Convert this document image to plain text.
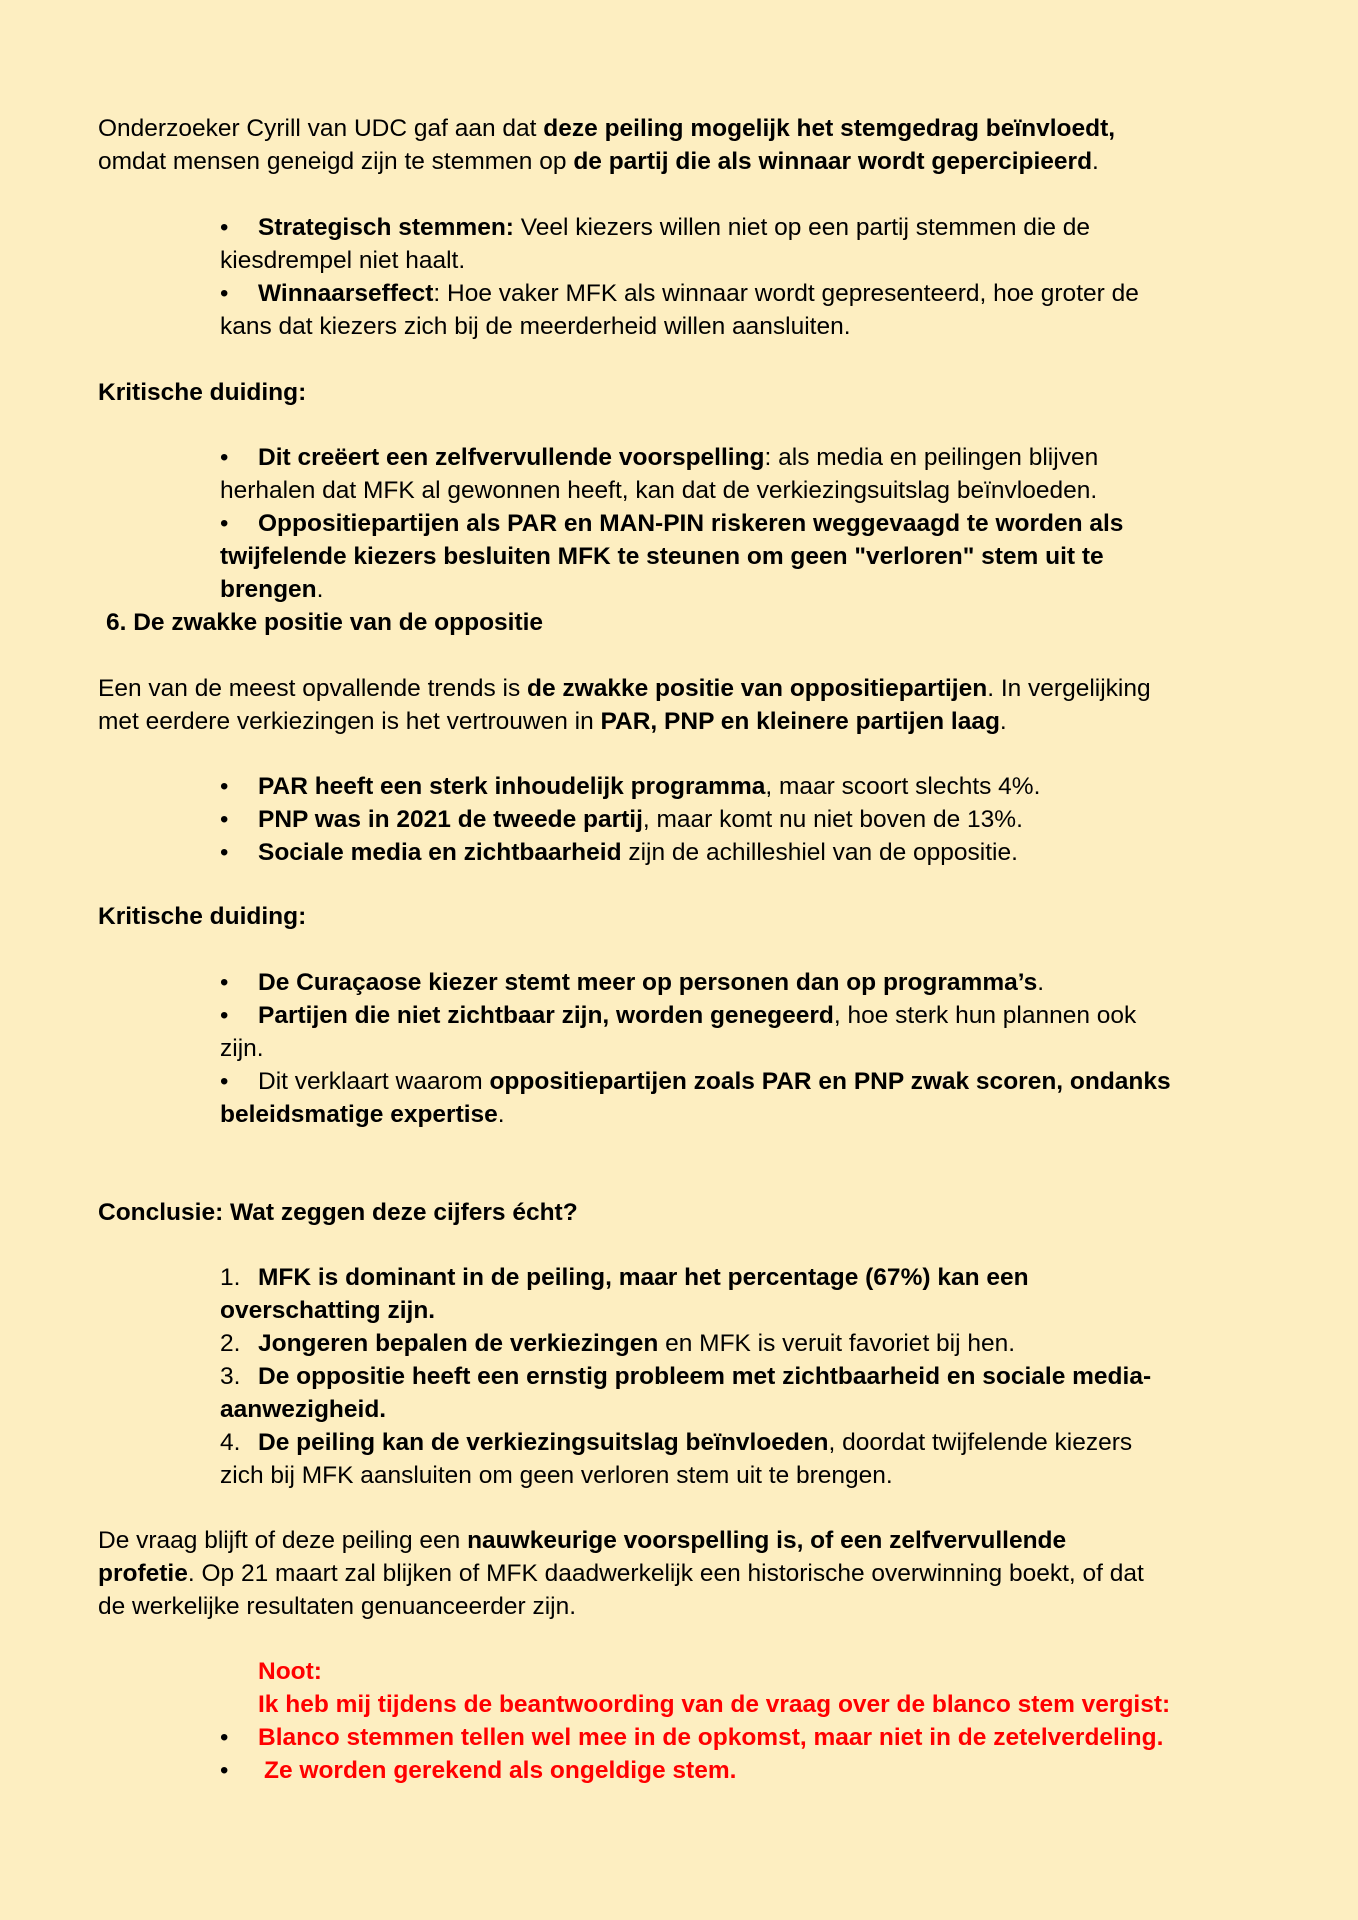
Onderzoeker Cyrill van UDC gaf aan dat deze peiling mogelijk het stemgedrag beïnvloedt,
omdat mensen geneigd zijn te stemmen op de partij die als winnaar wordt gepercipieerd.
• Strategisch stemmen: Veel kiezers willen niet op een partij stemmen die de
kiesdrempel niet haalt.
• Winnaarseffect: Hoe vaker MFK als winnaar wordt gepresenteerd, hoe groter de
kans dat kiezers zich bij de meerderheid willen aansluiten.
Kritische duiding:
• Dit creëert een zelfvervullende voorspelling: als media en peilingen blijven
herhalen dat MFK al gewonnen heeft, kan dat de verkiezingsuitslag beïnvloeden.
• Oppositiepartijen als PAR en MAN-PIN riskeren weggevaagd te worden als
twijfelende kiezers besluiten MFK te steunen om geen "verloren" stem uit te
brengen.
6. De zwakke positie van de oppositie
Een van de meest opvallende trends is de zwakke positie van oppositiepartijen. In vergelijking
met eerdere verkiezingen is het vertrouwen in PAR, PNP en kleinere partijen laag.
• PAR heeft een sterk inhoudelijk programma, maar scoort slechts 4%.
• PNP was in 2021 de tweede partij, maar komt nu niet boven de 13%.
• Sociale media en zichtbaarheid zijn de achilleshiel van de oppositie.
Kritische duiding:
• De Curaçaose kiezer stemt meer op personen dan op programma’s.
• Partijen die niet zichtbaar zijn, worden genegeerd, hoe sterk hun plannen ook
zijn.
• Dit verklaart waarom oppositiepartijen zoals PAR en PNP zwak scoren, ondanks
beleidsmatige expertise.
Conclusie: Wat zeggen deze cijfers écht?
1. MFK is dominant in de peiling, maar het percentage (67%) kan een
overschatting zijn.
2. Jongeren bepalen de verkiezingen en MFK is veruit favoriet bij hen.
3. De oppositie heeft een ernstig probleem met zichtbaarheid en sociale media-
aanwezigheid.
4. De peiling kan de verkiezingsuitslag beïnvloeden, doordat twijfelende kiezers
zich bij MFK aansluiten om geen verloren stem uit te brengen.
De vraag blijft of deze peiling een nauwkeurige voorspelling is, of een zelfvervullende
profetie. Op 21 maart zal blijken of MFK daadwerkelijk een historische overwinning boekt, of dat
de werkelijke resultaten genuanceerder zijn.
Noot:
Ik heb mij tijdens de beantwoording van de vraag over de blanco stem vergist:
• Blanco stemmen tellen wel mee in de opkomst, maar niet in de zetelverdeling.
• Ze worden gerekend als ongeldige stem.
